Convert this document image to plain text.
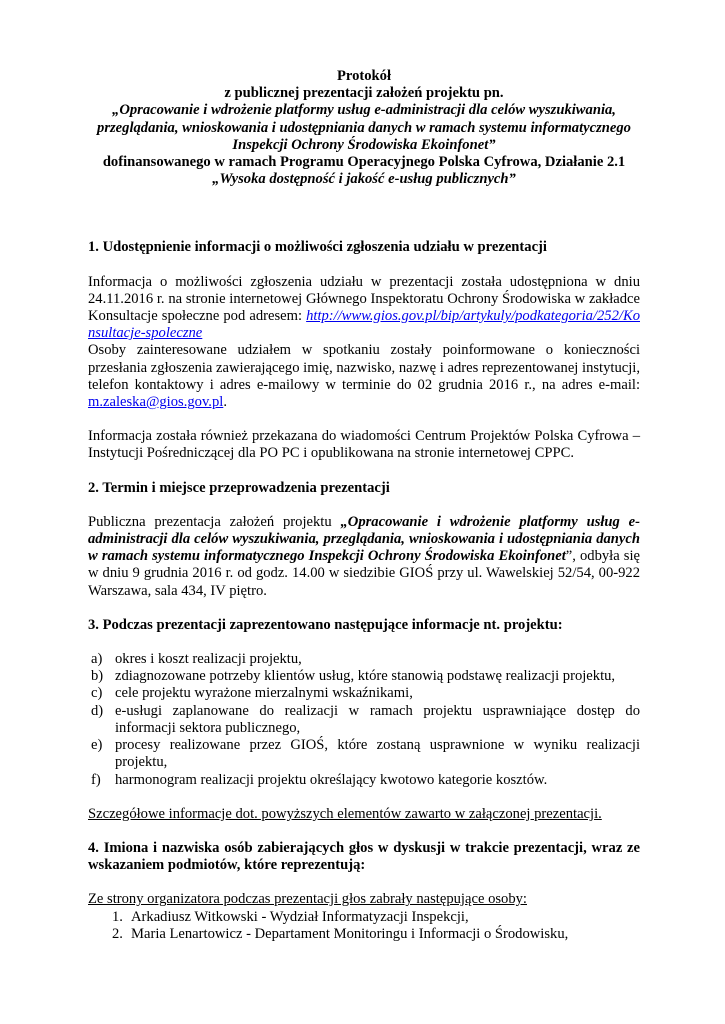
Protokół
z publicznej prezentacji założeń projektu pn.
„Opracowanie i wdrożenie platformy usług e-administracji dla celów wyszukiwania,
przeglądania, wnioskowania i udostępniania danych w ramach systemu informatycznego
Inspekcji Ochrony Środowiska Ekoinfonet”
dofinansowanego w ramach Programu Operacyjnego Polska Cyfrowa, Działanie 2.1
„Wysoka dostępność i jakość e-usług publicznych”
1. Udostępnienie informacji o możliwości zgłoszenia udziału w prezentacji

Informacja o możliwości zgłoszenia udziału w prezentacji została udostępniona w dniu 24.11.2016 r. na stronie internetowej Głównego Inspektoratu Ochrony Środowiska w zakładce Konsultacje społeczne pod adresem: http://www.gios.gov.pl/bip/artykuly/podkategoria/252/Konsultacje-spoleczne

Osoby zainteresowane udziałem w spotkaniu zostały poinformowane o konieczności przesłania zgłoszenia zawierającego imię, nazwisko, nazwę i adres reprezentowanej instytucji, telefon kontaktowy i adres e-mailowy w terminie do 02 grudnia 2016 r., na adres e-mail: m.zaleska@gios.gov.pl.

Informacja została również przekazana do wiadomości Centrum Projektów Polska Cyfrowa – Instytucji Pośredniczącej dla PO PC i opublikowana na stronie internetowej CPPC.

2. Termin i miejsce przeprowadzenia prezentacji

Publiczna prezentacja założeń projektu „Opracowanie i wdrożenie platformy usług e-administracji dla celów wyszukiwania, przeglądania, wnioskowania i udostępniania danych w ramach systemu informatycznego Inspekcji Ochrony Środowiska Ekoinfonet”, odbyła się w dniu 9 grudnia 2016 r. od godz. 14.00 w siedzibie GIOŚ przy ul. Wawelskiej 52/54, 00-922 Warszawa, sala 434, IV piętro.

3. Podczas prezentacji zaprezentowano następujące informacje nt. projektu:
a) okres i koszt realizacji projektu,
b) zdiagnozowane potrzeby klientów usług, które stanowią podstawę realizacji projektu,
c) cele projektu wyrażone mierzalnymi wskaźnikami,
d) e-usługi zaplanowane do realizacji w ramach projektu usprawniające dostęp do informacji sektora publicznego,
e) procesy realizowane przez GIOŚ, które zostaną usprawnione w wyniku realizacji projektu,
f) harmonogram realizacji projektu określający kwotowo kategorie kosztów.

Szczegółowe informacje dot. powyższych elementów zawarto w załączonej prezentacji.

4. Imiona i nazwiska osób zabierających głos w dyskusji w trakcie prezentacji, wraz ze wskazaniem podmiotów, które reprezentują:

Ze strony organizatora podczas prezentacji głos zabrały następujące osoby:

1. Arkadiusz Witkowski - Wydział Informatyzacji Inspekcji,
2. Maria Lenartowicz - Departament Monitoringu i Informacji o Środowisku,
